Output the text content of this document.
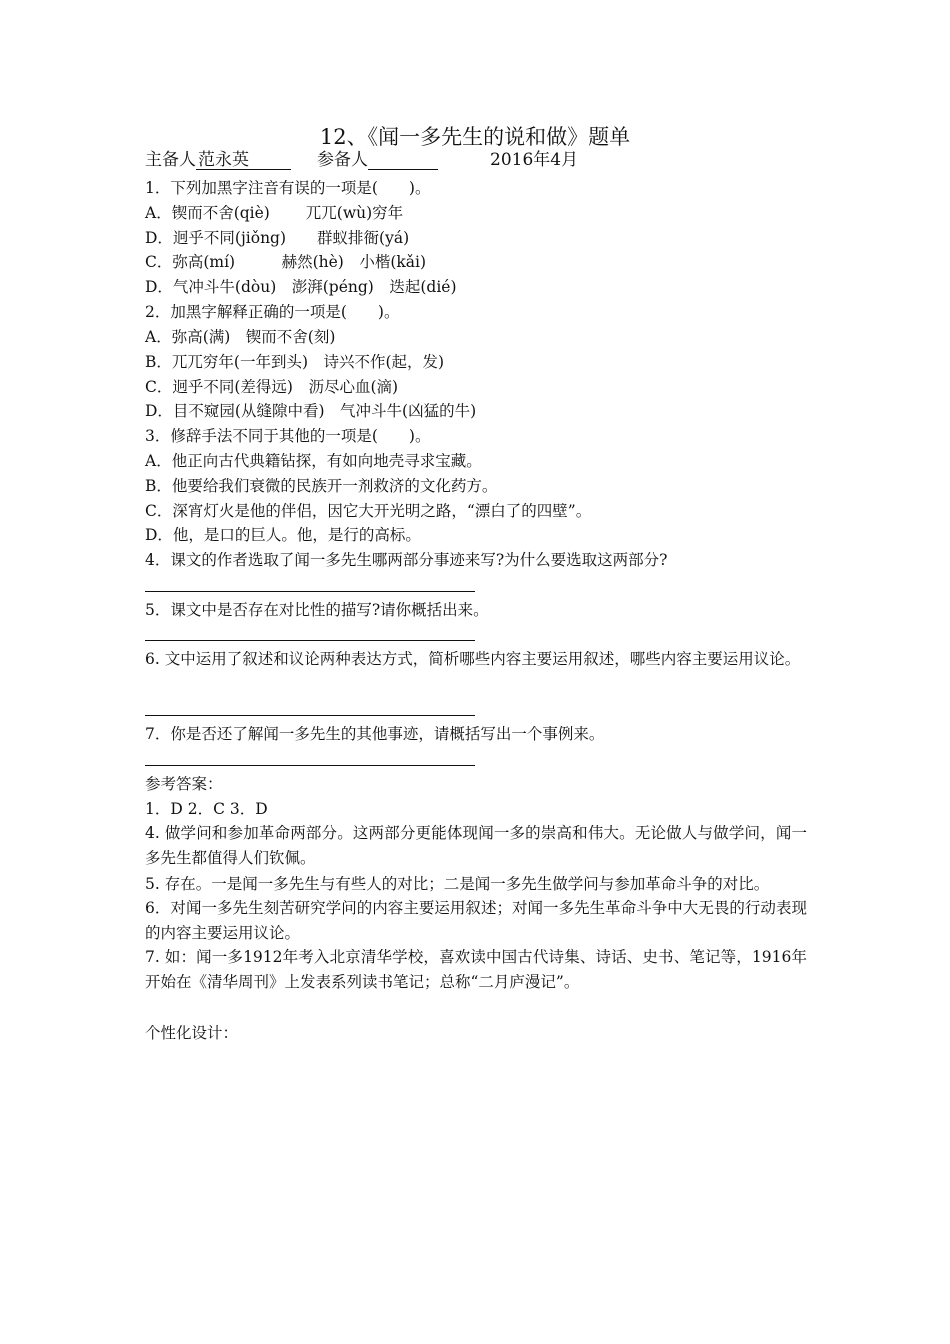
12、《闻一多先生的说和做》题单
主备人 范永英	参备人	2016年4月
1．下列加黑字注音有误的一项是(　　)。
A．锲而不舍(qiè)　　 兀兀(wù)穷年
D．迥乎不同(jiǒng)　　群蚁排衙(yá)
C．弥高(mí)　　　赫然(hè)　小楷(kǎi)
D．气冲斗牛(dòu)　澎湃(péng)　迭起(dié)
2．加黑字解释正确的一项是(　　)。
A．弥高(满)　锲而不舍(刻)
B．兀兀穷年(一年到头)　诗兴不作(起，发)
C．迥乎不同(差得远)　沥尽心血(滴)
D．目不窥园(从缝隙中看)　气冲斗牛(凶猛的牛)
3．修辞手法不同于其他的一项是(　　)。
A．他正向古代典籍钻探，有如向地壳寻求宝藏。
B．他要给我们衰微的民族开一剂救济的文化药方。
C．深宵灯火是他的伴侣，因它大开光明之路，“漂白了的四壁”。
D．他，是口的巨人。他，是行的高标。
4．课文的作者选取了闻一多先生哪两部分事迹来写?为什么要选取这两部分?
5．课文中是否存在对比性的描写?请你概括出来。
6. 文中运用了叙述和议论两种表达方式，简析哪些内容主要运用叙述，哪些内容主要运用议论。
7．你是否还了解闻一多先生的其他事迹，请概括写出一个事例来。
参考答案：
1．D 2．C 3．D
4. 做学问和参加革命两部分。这两部分更能体现闻一多的崇高和伟大。无论做人与做学问，闻一多先生都值得人们钦佩。
5. 存在。一是闻一多先生与有些人的对比；二是闻一多先生做学问与参加革命斗争的对比。
6．对闻一多先生刻苦研究学问的内容主要运用叙述；对闻一多先生革命斗争中大无畏的行动表现的内容主要运用议论。
7. 如：闻一多1912年考入北京清华学校，喜欢读中国古代诗集、诗话、史书、笔记等，1916年开始在《清华周刊》上发表系列读书笔记；总称“二月庐漫记”。
个性化设计：
